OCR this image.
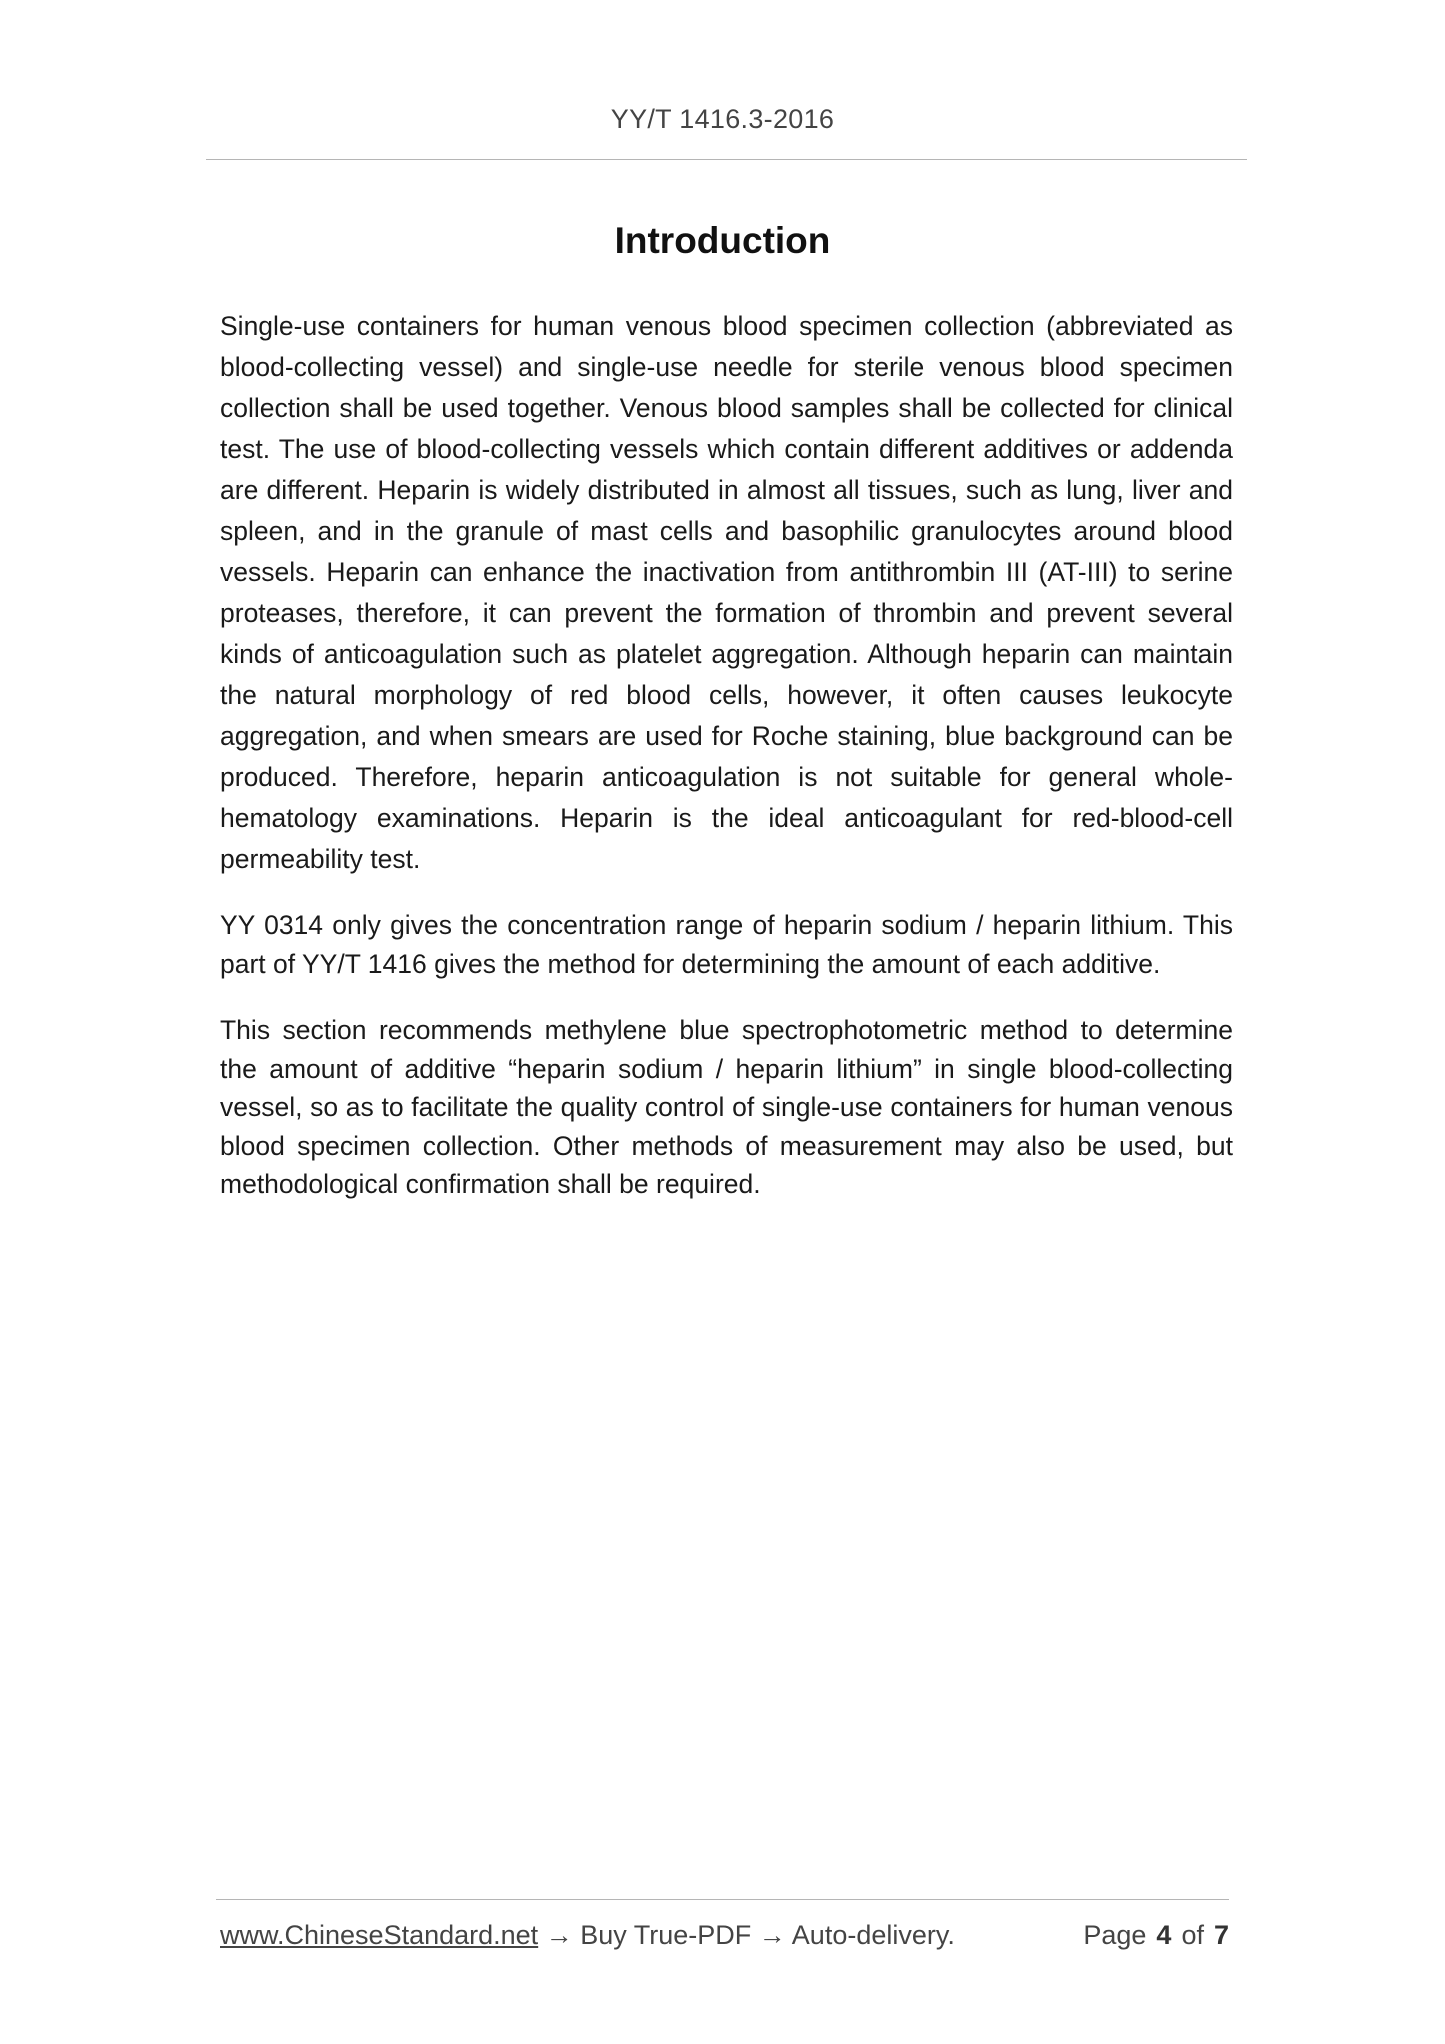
YY/T 1416.3-2016
Introduction

Single-use containers for human venous blood specimen collection (abbreviated as blood-collecting vessel) and single-use needle for sterile venous blood specimen collection shall be used together. Venous blood samples shall be collected for clinical test. The use of blood-collecting vessels which contain different additives or addenda are different. Heparin is widely distributed in almost all tissues, such as lung, liver and spleen, and in the granule of mast cells and basophilic granulocytes around blood vessels. Heparin can enhance the inactivation from antithrombin III (AT-III) to serine proteases, therefore, it can prevent the formation of thrombin and prevent several kinds of anticoagulation such as platelet aggregation. Although heparin can maintain the natural morphology of red blood cells, however, it often causes leukocyte aggregation, and when smears are used for Roche staining, blue background can be produced. Therefore, heparin anticoagulation is not suitable for general whole-hematology examinations. Heparin is the ideal anticoagulant for red-blood-cell permeability test.

YY 0314 only gives the concentration range of heparin sodium / heparin lithium. This part of YY/T 1416 gives the method for determining the amount of each additive.

This section recommends methylene blue spectrophotometric method to determine the amount of additive “heparin sodium / heparin lithium” in single blood-collecting vessel, so as to facilitate the quality control of single-use containers for human venous blood specimen collection. Other methods of measurement may also be used, but methodological confirmation shall be required.

www.ChineseStandard.net → Buy True-PDF → Auto-delivery.	Page 4 of 7
